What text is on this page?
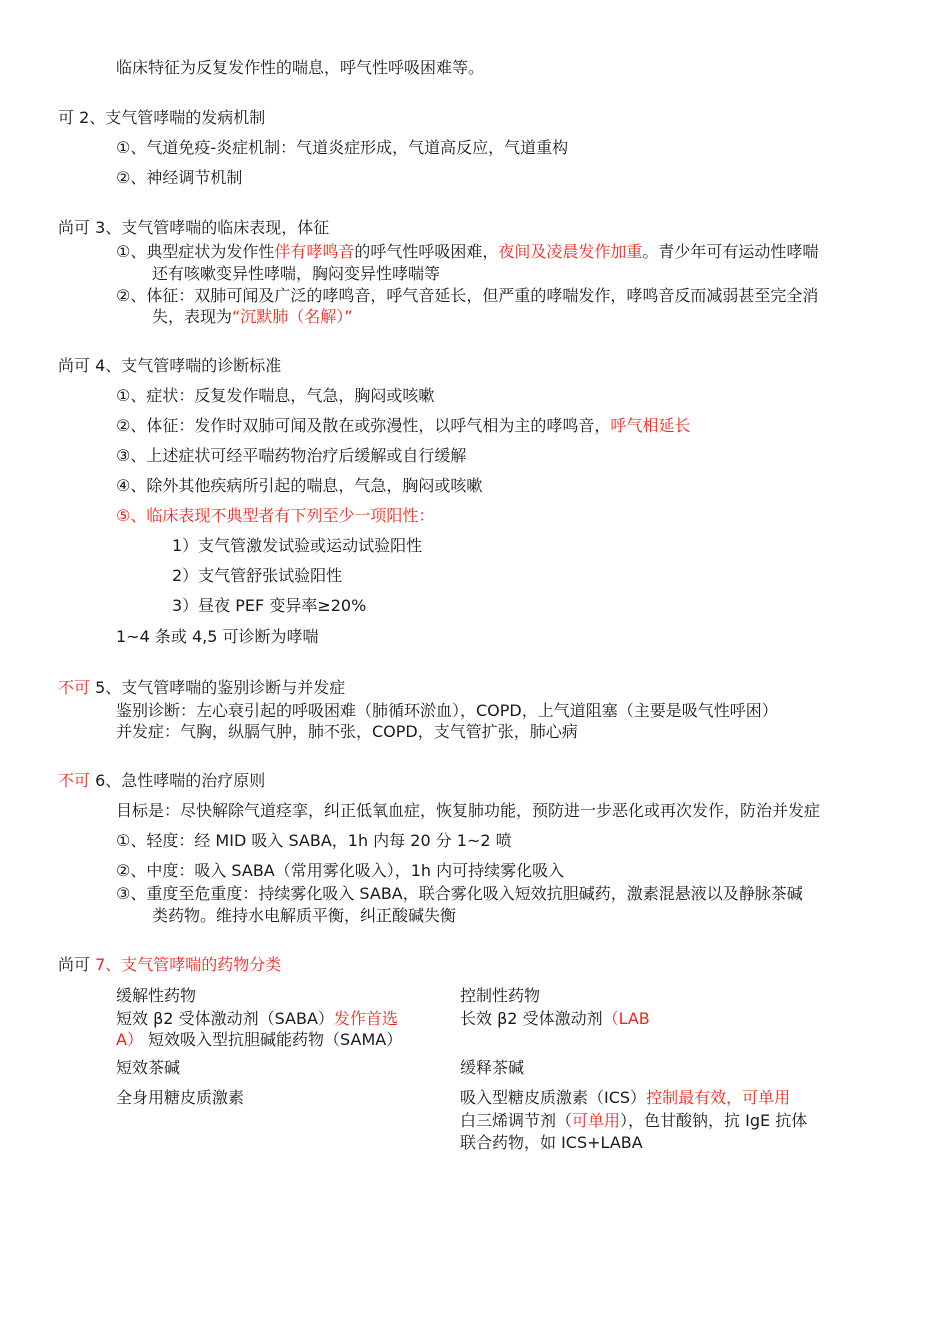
临床特征为反复发作性的喘息，呼气性呼吸困难等。
可 2、支气管哮喘的发病机制
①、气道免疫-炎症机制：气道炎症形成，气道高反应，气道重构
②、神经调节机制
尚可 3、支气管哮喘的临床表现，体征
①、典型症状为发作性伴有哮鸣音的呼气性呼吸困难，夜间及凌晨发作加重。青少年可有运动性哮喘
还有咳嗽变异性哮喘，胸闷变异性哮喘等
②、体征：双肺可闻及广泛的哮鸣音，呼气音延长，但严重的哮喘发作，哮鸣音反而减弱甚至完全消
失，表现为“沉默肺（名解）”
尚可 4、支气管哮喘的诊断标准
①、症状：反复发作喘息，气急，胸闷或咳嗽
②、体征：发作时双肺可闻及散在或弥漫性，以呼气相为主的哮鸣音，呼气相延长
③、上述症状可经平喘药物治疗后缓解或自行缓解
④、除外其他疾病所引起的喘息，气急，胸闷或咳嗽
⑤、临床表现不典型者有下列至少一项阳性：
1）支气管激发试验或运动试验阳性
2）支气管舒张试验阳性
3）昼夜 PEF 变异率≥20%
1~4 条或 4,5 可诊断为哮喘
不可 5、支气管哮喘的鉴别诊断与并发症
鉴别诊断：左心衰引起的呼吸困难（肺循环淤血），COPD，上气道阻塞（主要是吸气性呼困）
并发症：气胸，纵膈气肿，肺不张，COPD，支气管扩张，肺心病
不可 6、急性哮喘的治疗原则
目标是：尽快解除气道痉挛，纠正低氧血症，恢复肺功能，预防进一步恶化或再次发作，防治并发症
①、轻度：经 MID 吸入 SABA，1h 内每 20 分 1~2 喷
②、中度：吸入 SABA（常用雾化吸入），1h 内可持续雾化吸入
③、重度至危重度：持续雾化吸入 SABA，联合雾化吸入短效抗胆碱药，激素混悬液以及静脉茶碱
类药物。维持水电解质平衡，纠正酸碱失衡
尚可 7、支气管哮喘的药物分类
缓解性药物
短效 β2 受体激动剂（SABA）发作首选
A） 短效吸入型抗胆碱能药物（SAMA）
短效茶碱
全身用糖皮质激素
控制性药物
长效 β2 受体激动剂（LAB
缓释茶碱
吸入型糖皮质激素（ICS）控制最有效，可单用
白三烯调节剂（可单用），色甘酸钠，抗 IgE 抗体
联合药物，如 ICS+LABA
